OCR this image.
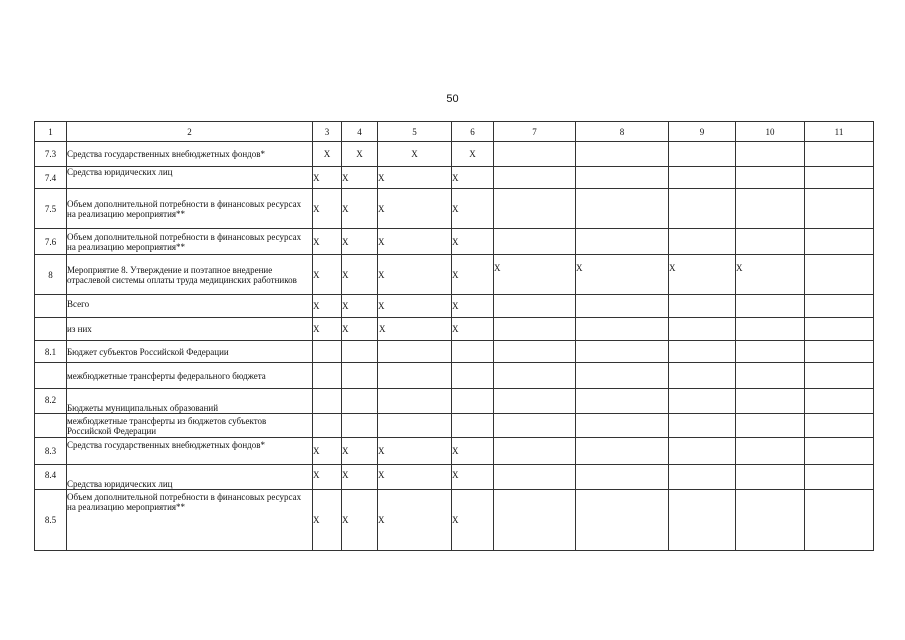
50
1	2	3	4	5	6	7	8	9	10	11
7.3	Средства государственных внебюджетных фондов*	Х	Х	Х	Х					
7.4	Средства юридических лиц	Х	Х	Х	Х					
7.5	Объем дополнительной потребности в финансовых ресурсах на реализацию мероприятия**	Х	Х	Х	Х					
7.6	Объем дополнительной потребности в финансовых ресурсах на реализацию мероприятия**	Х	Х	Х	Х					
8	Мероприятие 8. Утверждение и поэтапное внедрение отраслевой системы оплаты труда медицинских работников	Х	Х	Х	Х	Х	Х	Х	Х	
	Всего	Х	Х	Х	Х					
	из них	Х	Х	Х	Х					
8.1	Бюджет субъектов Российской Федерации									
	межбюджетные трансферты федерального бюджета									
8.2	Бюджеты муниципальных образований									
	межбюджетные трансферты из бюджетов субъектов Российской Федерации									
8.3	Средства государственных внебюджетных фондов*	Х	Х	Х	Х					
8.4	Средства юридических лиц	Х	Х	Х	Х					
8.5	Объем дополнительной потребности в финансовых ресурсах на реализацию мероприятия**	Х	Х	Х	Х					
